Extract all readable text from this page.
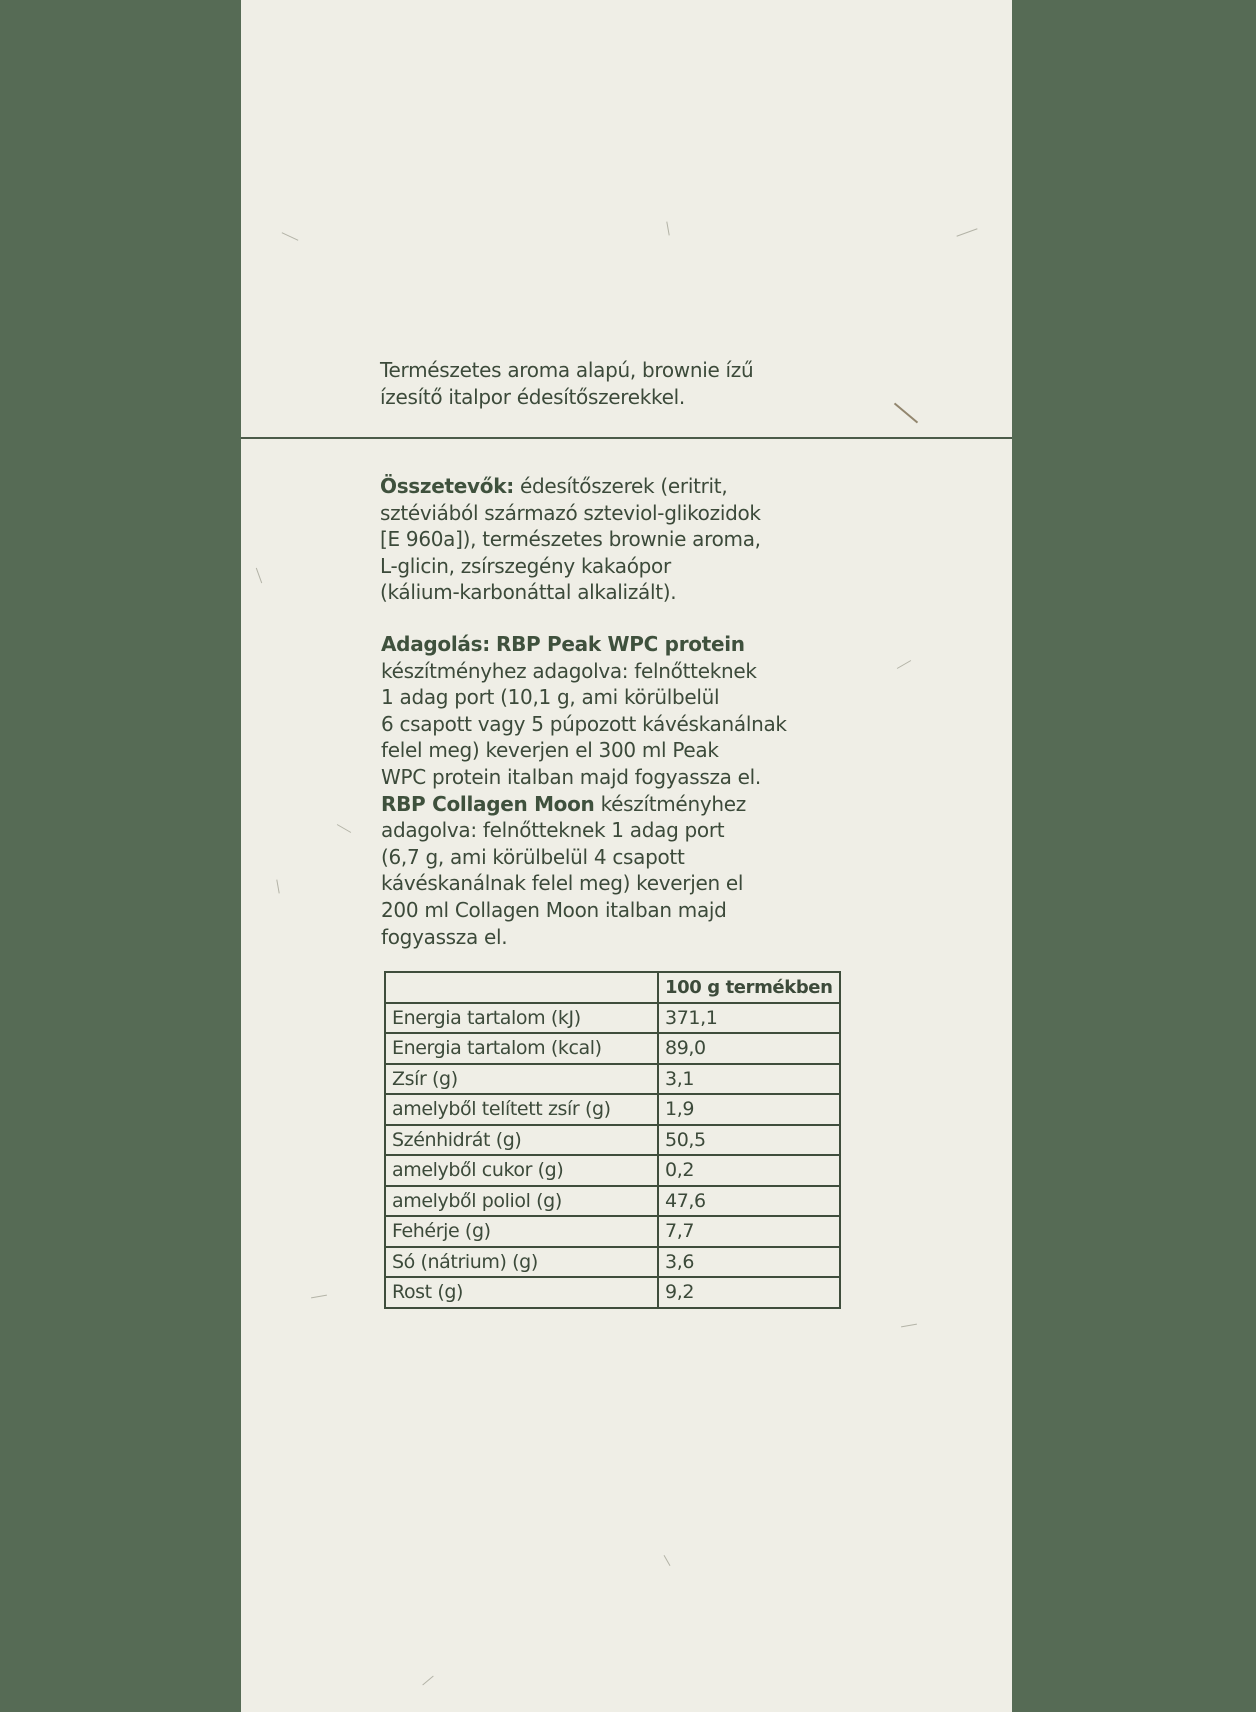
Természetes aroma alapú, brownie ízű
ízesítő italpor édesítőszerekkel.
Összetevők: édesítőszerek (eritrit,
sztéviából származó szteviol-glikozidok
[E 960a]), természetes brownie aroma,
L-glicin, zsírszegény kakaópor
(kálium-karbonáttal alkalizált).
Adagolás: RBP Peak WPC protein
készítményhez adagolva: felnőtteknek
1 adag port (10,1 g, ami körülbelül
6 csapott vagy 5 púpozott kávéskanálnak
felel meg) keverjen el 300 ml Peak
WPC protein italban majd fogyassza el.
RBP Collagen Moon készítményhez
adagolva: felnőtteknek 1 adag port
(6,7 g, ami körülbelül 4 csapott
kávéskanálnak felel meg) keverjen el
200 ml Collagen Moon italban majd
fogyassza el.
	100 g termékben
Energia tartalom (kJ)	371,1
Energia tartalom (kcal)	89,0
Zsír (g)	3,1
amelyből telített zsír (g)	1,9
Szénhidrát (g)	50,5
amelyből cukor (g)	0,2
amelyből poliol (g)	47,6
Fehérje (g)	7,7
Só (nátrium) (g)	3,6
Rost (g)	9,2
